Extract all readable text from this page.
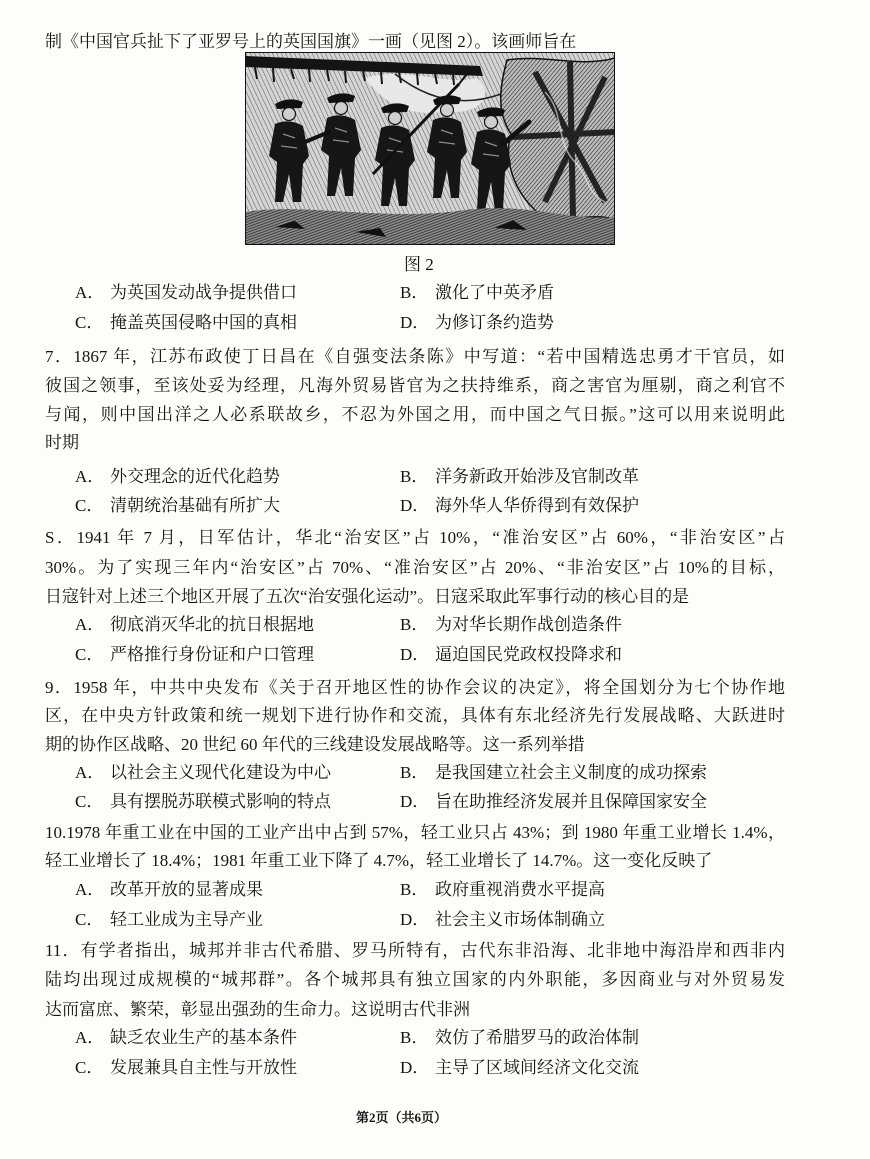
制《中国官兵扯下了亚罗号上的英国国旗》一画（见图 2）。该画师旨在
图 2
A． 为英国发动战争提供借口	B． 激化了中英矛盾
C． 掩盖英国侵略中国的真相	D． 为修订条约造势
7．1867 年，江苏布政使丁日昌在《自强变法条陈》中写道：“若中国精选忠勇才干官员，如
彼国之领事，至该处妥为经理，凡海外贸易皆官为之扶持维系，商之害官为厘剔，商之利官不
与闻，则中国出洋之人必系联故乡，不忍为外国之用，而中国之气日振。”这可以用来说明此
时期
A． 外交理念的近代化趋势	B． 洋务新政开始涉及官制改革
C． 清朝统治基础有所扩大	D． 海外华人华侨得到有效保护
S．1941 年 7 月，日军估计，华北“治安区”占 10%，“准治安区”占 60%，“非治安区”占
30%。为了实现三年内“治安区”占 70%、“准治安区”占 20%、“非治安区”占 10%的目标，
日寇针对上述三个地区开展了五次“治安强化运动”。日寇采取此军事行动的核心目的是
A． 彻底消灭华北的抗日根据地	B． 为对华长期作战创造条件
C． 严格推行身份证和户口管理	D． 逼迫国民党政权投降求和
9．1958 年，中共中央发布《关于召开地区性的协作会议的决定》，将全国划分为七个协作地
区，在中央方针政策和统一规划下进行协作和交流，具体有东北经济先行发展战略、大跃进时
期的协作区战略、20 世纪 60 年代的三线建设发展战略等。这一系列举措
A． 以社会主义现代化建设为中心	B． 是我国建立社会主义制度的成功探索
C． 具有摆脱苏联模式影响的特点	D． 旨在助推经济发展并且保障国家安全
10.1978 年重工业在中国的工业产出中占到 57%，轻工业只占 43%；到 1980 年重工业增长 1.4%，
轻工业增长了 18.4%；1981 年重工业下降了 4.7%，轻工业增长了 14.7%。这一变化反映了
A． 改革开放的显著成果	B． 政府重视消费水平提高
C． 轻工业成为主导产业	D． 社会主义市场体制确立
11．有学者指出，城邦并非古代希腊、罗马所特有，古代东非沿海、北非地中海沿岸和西非内
陆均出现过成规模的“城邦群”。各个城邦具有独立国家的内外职能，多因商业与对外贸易发
达而富庶、繁荣，彰显出强劲的生命力。这说明古代非洲
A． 缺乏农业生产的基本条件	B． 效仿了希腊罗马的政治体制
C． 发展兼具自主性与开放性	D． 主导了区域间经济文化交流
第2页（共6页）
